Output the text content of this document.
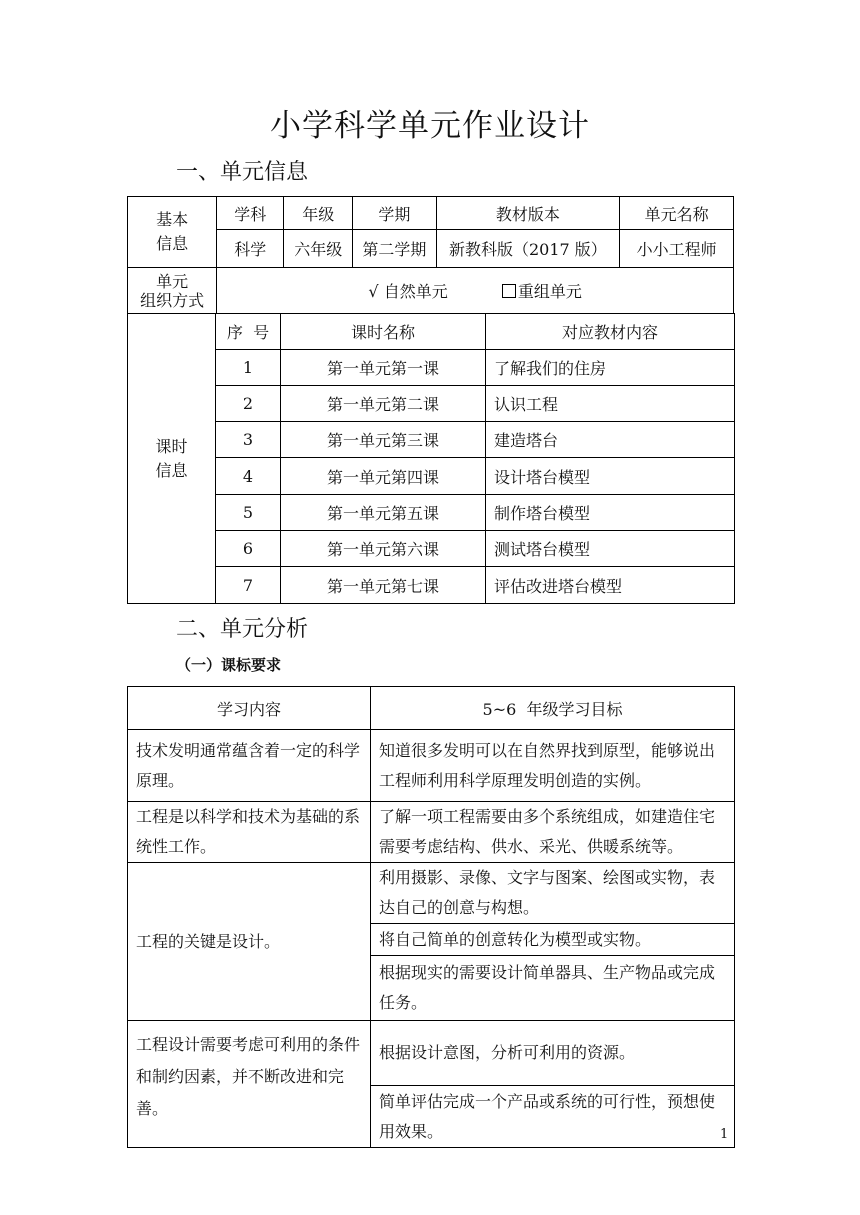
小学科学单元作业设计
一、单元信息
基本
信息	学科	年级	学期	教材版本	单元名称
	科学	六年级	第二学期	新教科版（2017 版）	小小工程师

单元
组织方式	√ 自然单元 重组单元				
课时
信息	序  号	课时名称	对应教材内容
	1	第一单元第一课	了解我们的住房
	2	第一单元第二课	认识工程
	3	第一单元第三课	建造塔台
	4	第一单元第四课	设计塔台模型
	5	第一单元第五课	制作塔台模型
	6	第一单元第六课	测试塔台模型
	7	第一单元第七课	评估改进塔台模型
二、单元分析
（一）课标要求
学习内容	5~6  年级学习目标
技术发明通常蕴含着一定的科学原理。	知道很多发明可以在自然界找到原型，能够说出工程师利用科学原理发明创造的实例。
工程是以科学和技术为基础的系统性工作。	了解一项工程需要由多个系统组成，如建造住宅需要考虑结构、供水、采光、供暖系统等。
工程的关键是设计。	利用摄影、录像、文字与图案、绘图或实物，表达自己的创意与构想。
	将自己简单的创意转化为模型或实物。
	根据现实的需要设计简单器具、生产物品或完成任务。
工程设计需要考虑可利用的条件和制约因素，并不断改进和完善。	根据设计意图，分析可利用的资源。
	简单评估完成一个产品或系统的可行性，预想使用效果。	1
